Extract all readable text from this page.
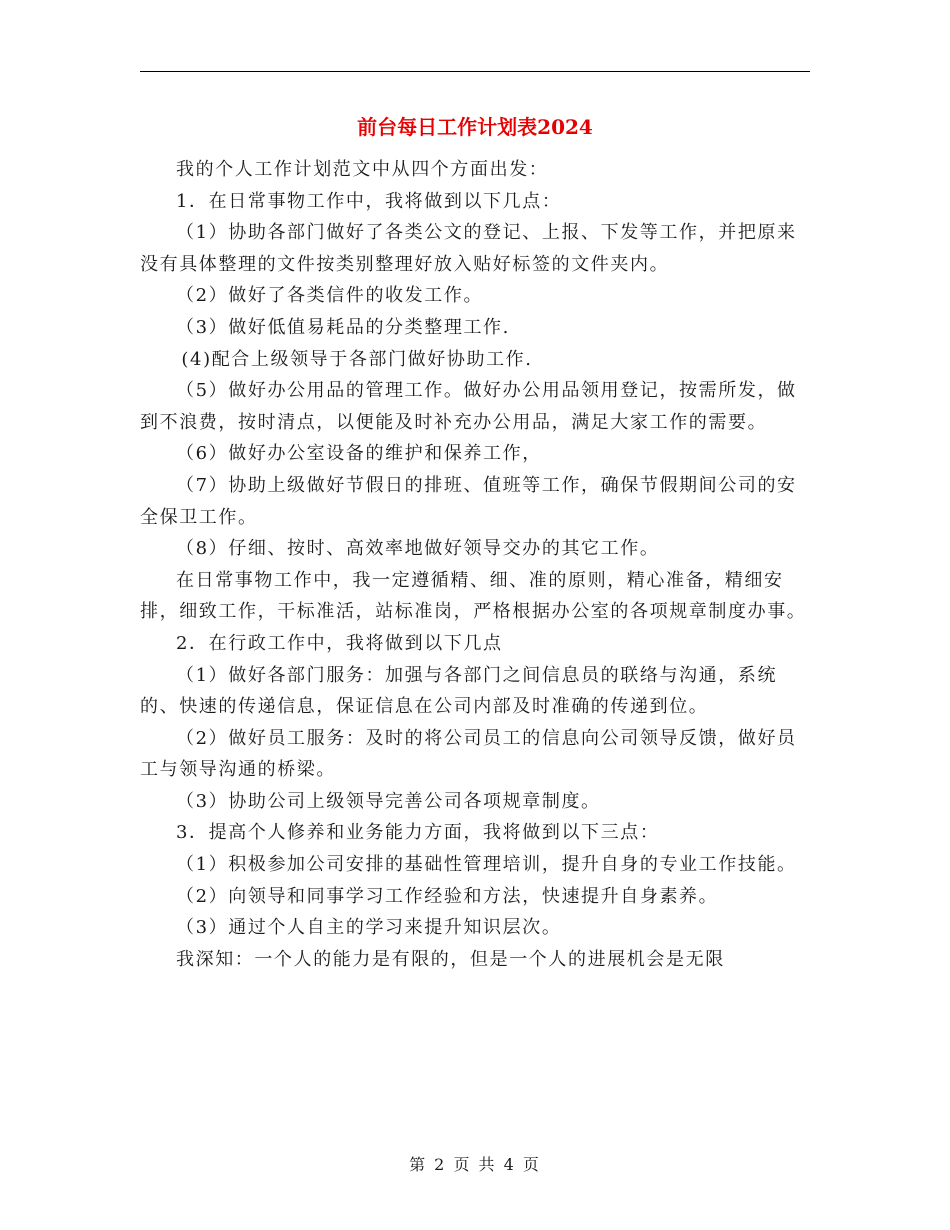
前台每日工作计划表2024

我的个人工作计划范文中从四个方面出发：

1．在日常事物工作中，我将做到以下几点：

（1）协助各部门做好了各类公文的登记、上报、下发等工作，并把原来没有具体整理的文件按类别整理好放入贴好标签的文件夹内。

（2）做好了各类信件的收发工作。

（3）做好低值易耗品的分类整理工作.

(4)配合上级领导于各部门做好协助工作.

（5）做好办公用品的管理工作。做好办公用品领用登记，按需所发，做到不浪费，按时清点，以便能及时补充办公用品，满足大家工作的需要。

（6）做好办公室设备的维护和保养工作，

（7）协助上级做好节假日的排班、值班等工作，确保节假期间公司的安全保卫工作。

（8）仔细、按时、高效率地做好领导交办的其它工作。

在日常事物工作中，我一定遵循精、细、准的原则，精心准备，精细安排，细致工作，干标准活，站标准岗，严格根据办公室的各项规章制度办事。

2．在行政工作中，我将做到以下几点

（1）做好各部门服务：加强与各部门之间信息员的联络与沟通，系统的、快速的传递信息，保证信息在公司内部及时准确的传递到位。

（2）做好员工服务：及时的将公司员工的信息向公司领导反馈，做好员工与领导沟通的桥梁。

（3）协助公司上级领导完善公司各项规章制度。

3．提高个人修养和业务能力方面，我将做到以下三点：

（1）积极参加公司安排的基础性管理培训，提升自身的专业工作技能。

（2）向领导和同事学习工作经验和方法，快速提升自身素养。

（3）通过个人自主的学习来提升知识层次。

我深知：一个人的能力是有限的，但是一个人的进展机会是无限

第 2 页 共 4 页
